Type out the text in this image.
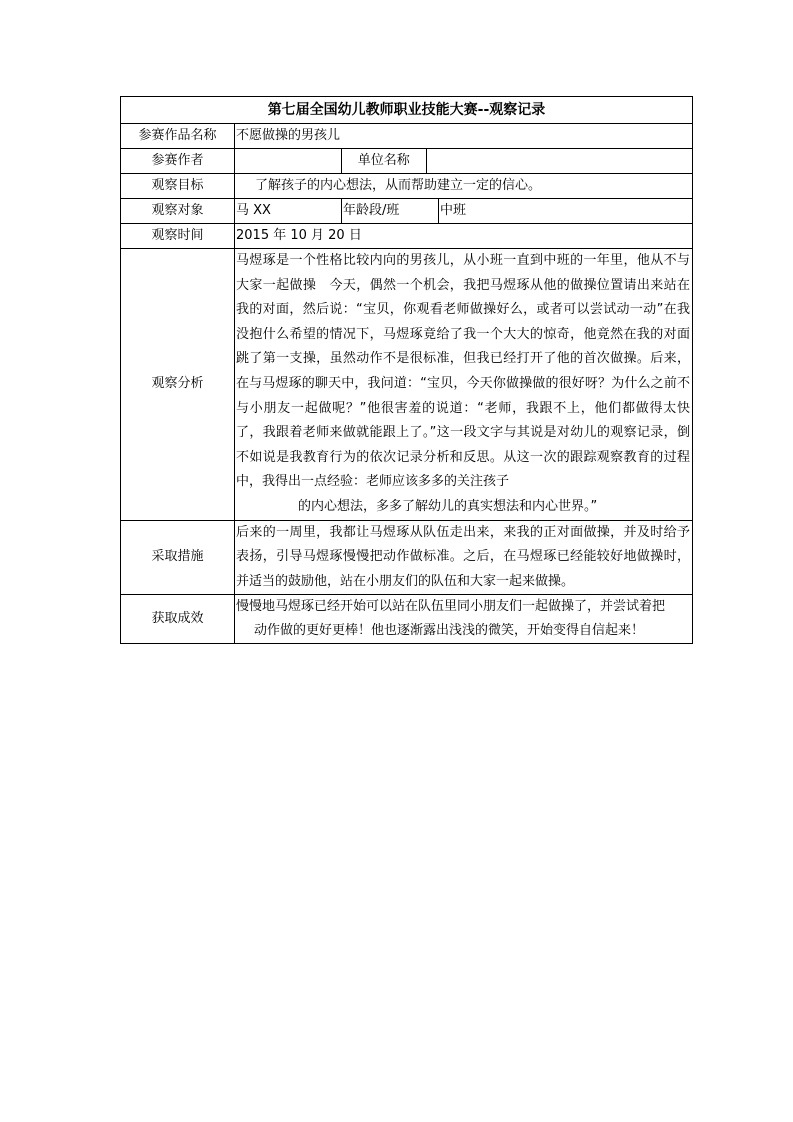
第七届全国幼儿教师职业技能大赛--观察记录
参赛作品名称	不愿做操的男孩儿
参赛作者			单位名称	

观察目标	了解孩子的内心想法，从而帮助建立一定的信心。
观察对象	马 XX	年龄段/班	中班
观察时间	2015 年 10 月 20 日
观察分析	马煜琢是一个性格比较内向的男孩儿，从小班一直到中班的一年里，他从不与大家一起做操　今天，偶然一个机会，我把马煜琢从他的做操位置请出来站在我的对面，然后说：“宝贝，你观看老师做操好么，或者可以尝试动一动”在我没抱什么希望的情况下，马煜琢竟给了我一个大大的惊奇，他竟然在我的对面跳了第一支操，虽然动作不是很标准，但我已经打开了他的首次做操。后来，在与马煜琢的聊天中，我问道：“宝贝，今天你做操做的很好呀？为什么之前不与小朋友一起做呢？”他很害羞的说道：“老师，我跟不上，他们都做得太快了，我跟着老师来做就能跟上了。”这一段文字与其说是对幼儿的观察记录，倒不如说是我教育行为的依次记录分析和反思。从这一次的跟踪观察教育的过程中，我得出一点经验：老师应该多多的关注孩子
的内心想法，多多了解幼儿的真实想法和内心世界。”

采取措施	后来的一周里，我都让马煜琢从队伍走出来，来我的正对面做操，并及时给予表扬，引导马煜琢慢慢把动作做标准。之后，在马煜琢已经能较好地做操时，并适当的鼓励他，站在小朋友们的队伍和大家一起来做操。
获取成效	慢慢地马煜琢已经开始可以站在队伍里同小朋友们一起做操了，并尝试着把
动作做的更好更棒！他也逐渐露出浅浅的微笑，开始变得自信起来！
